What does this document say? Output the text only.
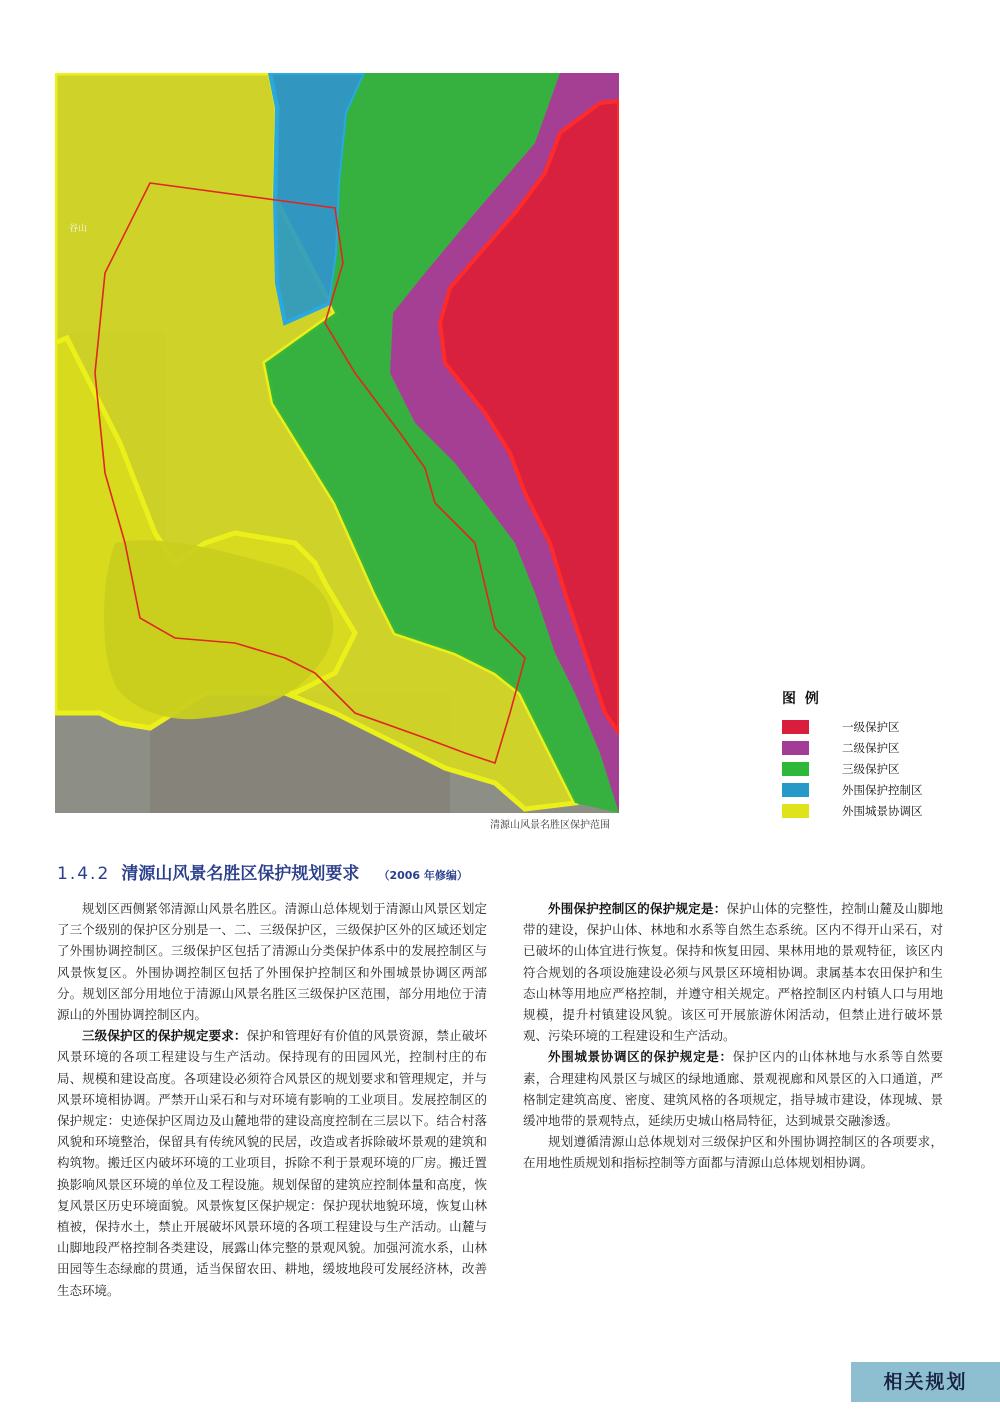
谷山
清源山风景名胜区保护范围
图 例
一级保护区
二级保护区
三级保护区
外围保护控制区
外围城景协调区
1.4.2 清源山风景名胜区保护规划要求 （2006 年修编）

规划区西侧紧邻清源山风景名胜区。清源山总体规划于清源山风景区划定了三个级别的保护区分别是一、二、三级保护区，三级保护区外的区域还划定了外围协调控制区。三级保护区包括了清源山分类保护体系中的发展控制区与风景恢复区。外围协调控制区包括了外围保护控制区和外围城景协调区两部分。规划区部分用地位于清源山风景名胜区三级保护区范围，部分用地位于清源山的外围协调控制区内。

三级保护区的保护规定要求：保护和管理好有价值的风景资源，禁止破坏风景环境的各项工程建设与生产活动。保持现有的田园风光，控制村庄的布局、规模和建设高度。各项建设必须符合风景区的规划要求和管理规定，并与风景环境相协调。严禁开山采石和与对环境有影响的工业项目。发展控制区的保护规定：史迹保护区周边及山麓地带的建设高度控制在三层以下。结合村落风貌和环境整治，保留具有传统风貌的民居，改造或者拆除破坏景观的建筑和构筑物。搬迁区内破坏环境的工业项目，拆除不利于景观环境的厂房。搬迁置换影响风景区环境的单位及工程设施。规划保留的建筑应控制体量和高度，恢复风景区历史环境面貌。风景恢复区保护规定：保护现状地貌环境，恢复山林植被，保持水土，禁止开展破坏风景环境的各项工程建设与生产活动。山麓与山脚地段严格控制各类建设，展露山体完整的景观风貌。加强河流水系，山林田园等生态绿廊的贯通，适当保留农田、耕地，缓坡地段可发展经济林，改善生态环境。

外围保护控制区的保护规定是：保护山体的完整性，控制山麓及山脚地带的建设，保护山体、林地和水系等自然生态系统。区内不得开山采石，对已破坏的山体宜进行恢复。保持和恢复田园、果林用地的景观特征，该区内符合规划的各项设施建设必须与风景区环境相协调。隶属基本农田保护和生态山林等用地应严格控制，并遵守相关规定。严格控制区内村镇人口与用地规模，提升村镇建设风貌。该区可开展旅游休闲活动，但禁止进行破坏景观、污染环境的工程建设和生产活动。

外围城景协调区的保护规定是：保护区内的山体林地与水系等自然要素，合理建构风景区与城区的绿地通廊、景观视廊和风景区的入口通道，严格制定建筑高度、密度、建筑风格的各项规定，指导城市建设，体现城、景缓冲地带的景观特点，延续历史城山格局特征，达到城景交融渗透。

规划遵循清源山总体规划对三级保护区和外围协调控制区的各项要求，在用地性质规划和指标控制等方面都与清源山总体规划相协调。

相关规划
